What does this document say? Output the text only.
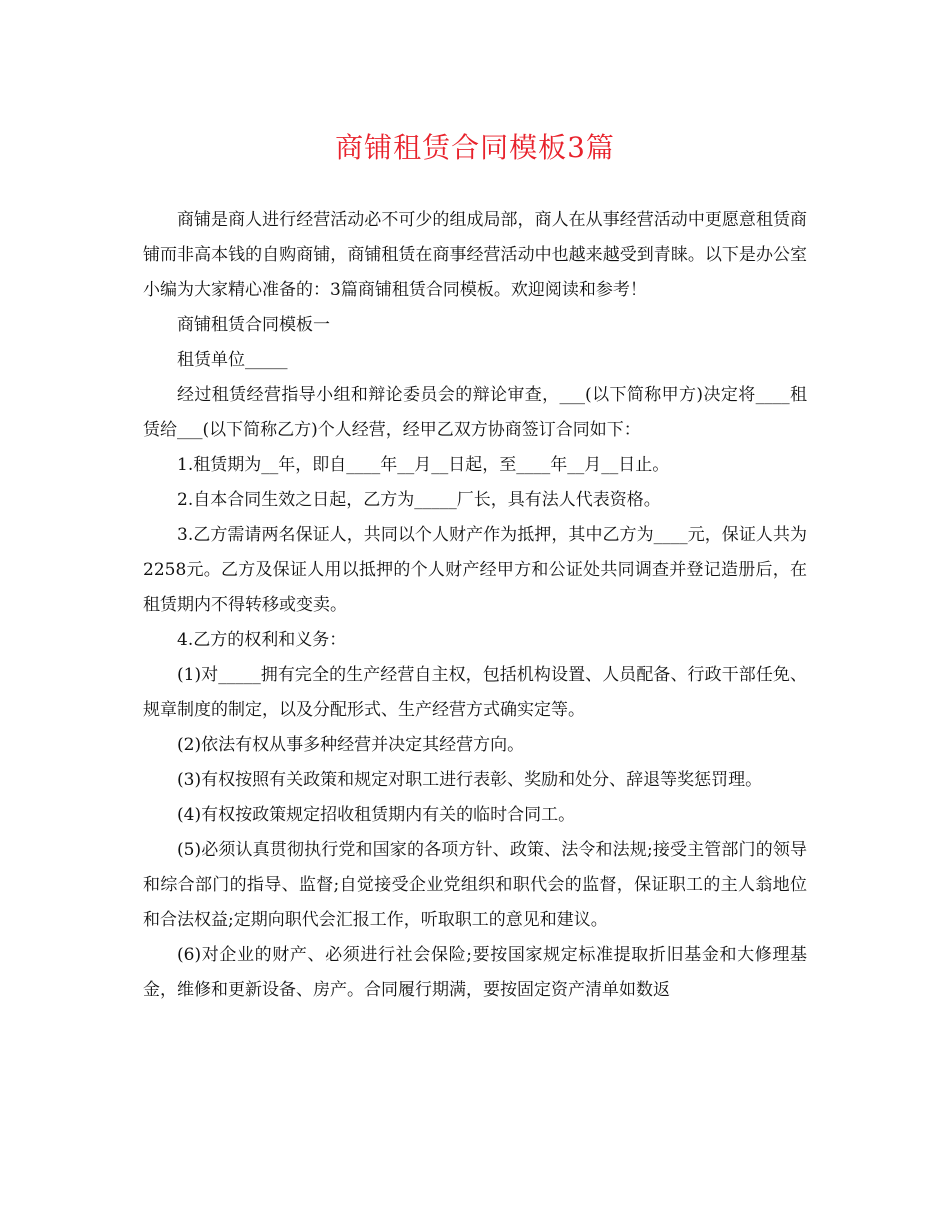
商铺租赁合同模板3篇

商铺是商人进行经营活动必不可少的组成局部，商人在从事经营活动中更愿意租赁商铺而非高本钱的自购商铺，商铺租赁在商事经营活动中也越来越受到青睐。以下是办公室小编为大家精心准备的：3篇商铺租赁合同模板。欢迎阅读和参考！

商铺租赁合同模板一

租赁单位_____

经过租赁经营指导小组和辩论委员会的辩论审查，___(以下简称甲方)决定将____租赁给___(以下简称乙方)个人经营，经甲乙双方协商签订合同如下：

1.租赁期为__年，即自____年__月__日起，至____年__月__日止。

2.自本合同生效之日起，乙方为_____厂长，具有法人代表资格。

3.乙方需请两名保证人，共同以个人财产作为抵押，其中乙方为____元，保证人共为2258元。乙方及保证人用以抵押的个人财产经甲方和公证处共同调查并登记造册后，在租赁期内不得转移或变卖。

4.乙方的权利和义务：

(1)对_____拥有完全的生产经营自主权，包括机构设置、人员配备、行政干部任免、规章制度的制定，以及分配形式、生产经营方式确实定等。

(2)依法有权从事多种经营并决定其经营方向。

(3)有权按照有关政策和规定对职工进行表彰、奖励和处分、辞退等奖惩罚理。

(4)有权按政策规定招收租赁期内有关的临时合同工。

(5)必须认真贯彻执行党和国家的各项方针、政策、法令和法规;接受主管部门的领导和综合部门的指导、监督;自觉接受企业党组织和职代会的监督，保证职工的主人翁地位和合法权益;定期向职代会汇报工作，听取职工的意见和建议。

(6)对企业的财产、必须进行社会保险;要按国家规定标准提取折旧基金和大修理基金，维修和更新设备、房产。合同履行期满，要按固定资产清单如数返
